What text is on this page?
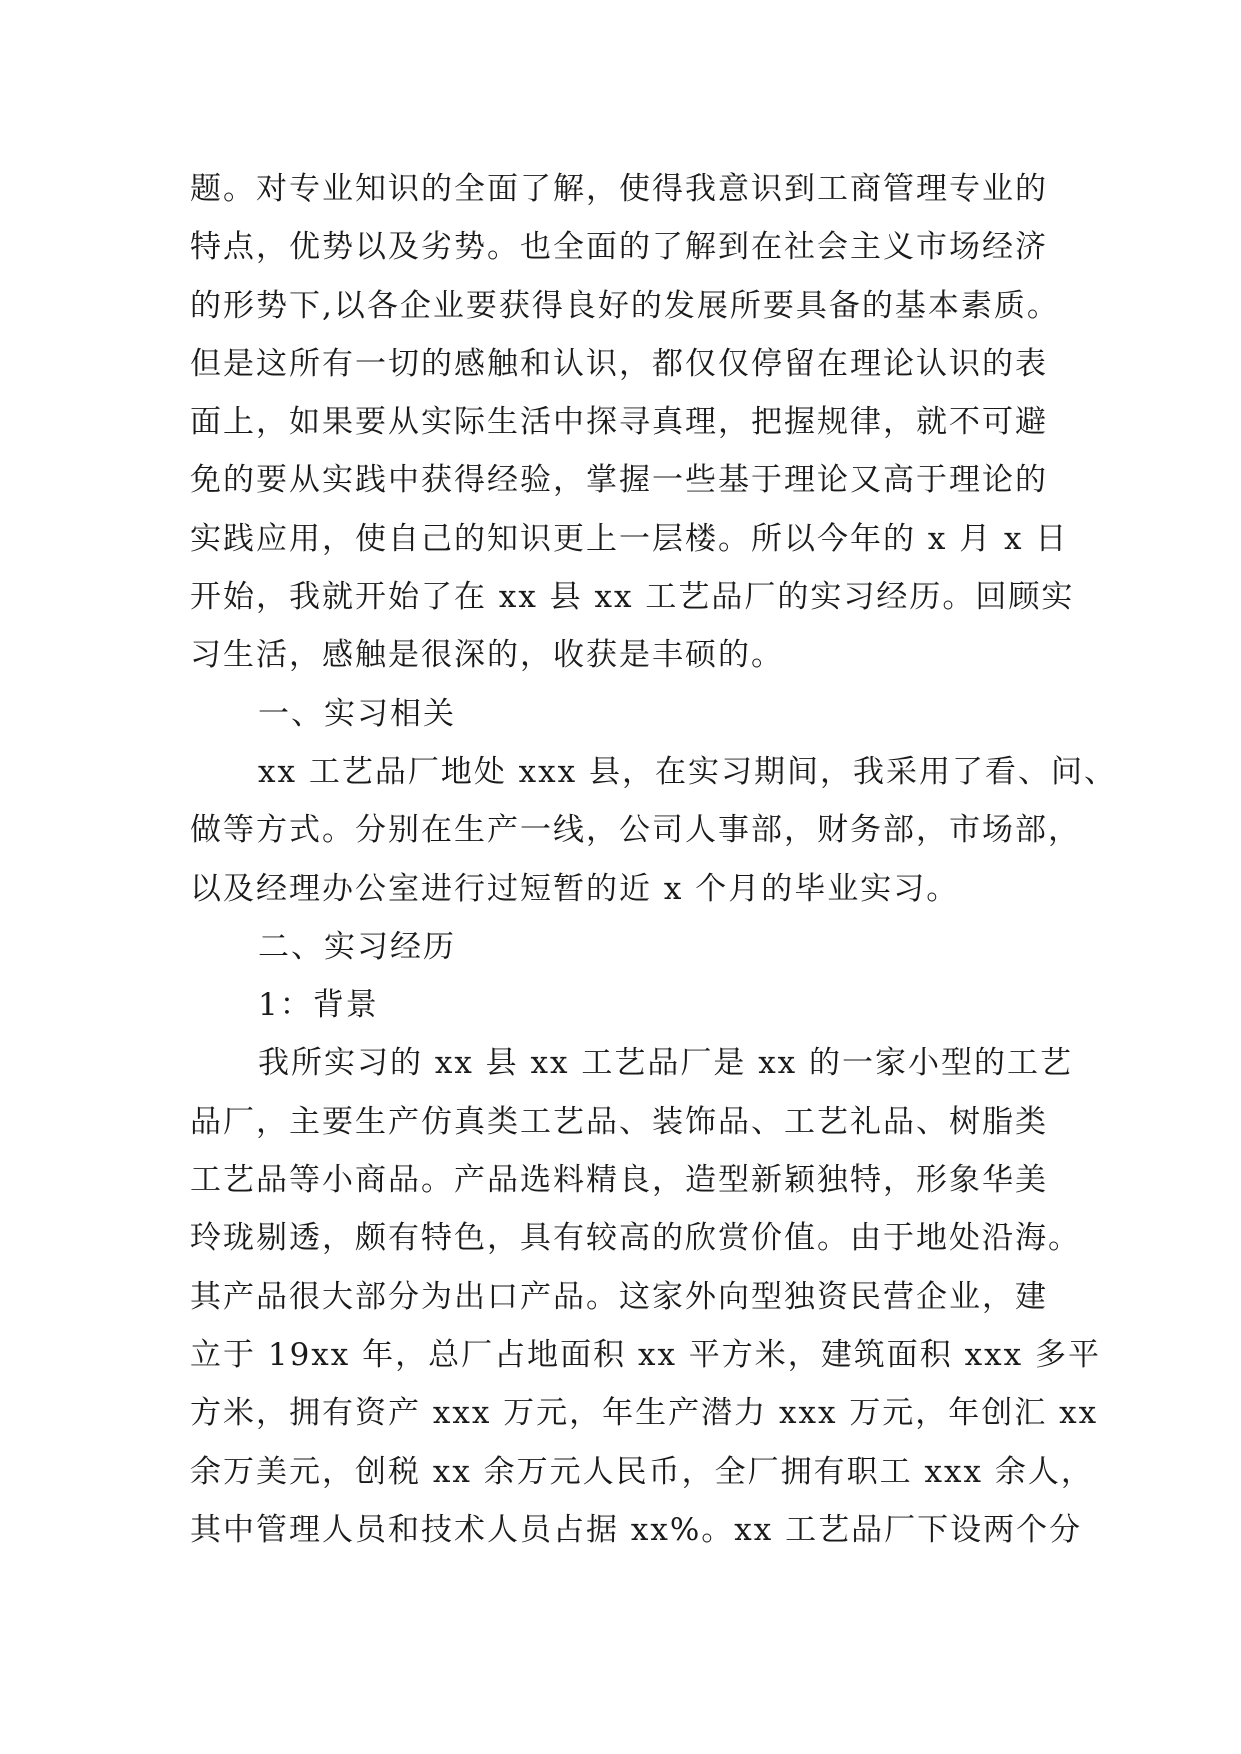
题。对专业知识的全面了解，使得我意识到工商管理专业的
特点，优势以及劣势。也全面的了解到在社会主义市场经济
的形势下,以各企业要获得良好的发展所要具备的基本素质。
但是这所有一切的感触和认识，都仅仅停留在理论认识的表
面上，如果要从实际生活中探寻真理，把握规律，就不可避
免的要从实践中获得经验，掌握一些基于理论又高于理论的
实践应用，使自己的知识更上一层楼。所以今年的 x 月 x 日
开始，我就开始了在 xx 县 xx 工艺品厂的实习经历。回顾实
习生活，感触是很深的，收获是丰硕的。
一、实习相关
xx 工艺品厂地处 xxx 县，在实习期间，我采用了看、问、
做等方式。分别在生产一线，公司人事部，财务部，市场部，
以及经理办公室进行过短暂的近 x 个月的毕业实习。
二、实习经历
1：背景
我所实习的 xx 县 xx 工艺品厂是 xx 的一家小型的工艺
品厂，主要生产仿真类工艺品、装饰品、工艺礼品、树脂类
工艺品等小商品。产品选料精良，造型新颖独特，形象华美
玲珑剔透，颇有特色，具有较高的欣赏价值。由于地处沿海。
其产品很大部分为出口产品。这家外向型独资民营企业，建
立于 19xx 年，总厂占地面积 xx 平方米，建筑面积 xxx 多平
方米，拥有资产 xxx 万元，年生产潜力 xxx 万元，年创汇 xx
余万美元，创税 xx 余万元人民币，全厂拥有职工 xxx 余人，
其中管理人员和技术人员占据 xx%。xx 工艺品厂下设两个分
